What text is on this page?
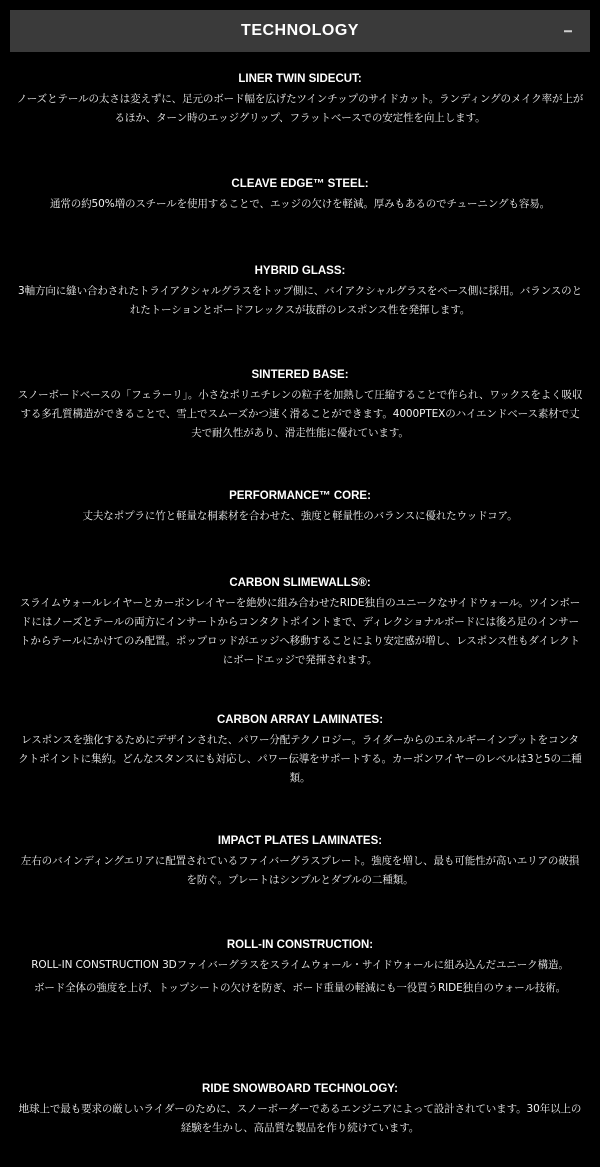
TECHNOLOGY
LINER TWIN SIDECUT:

ノーズとテールの太さは変えずに、足元のボード幅を広げたツインチップのサイドカット。ランディングのメイク率が上がるほか、ターン時のエッジグリップ、フラットベースでの安定性を向上します。

CLEAVE EDGE™ STEEL:

通常の約50%増のスチールを使用することで、エッジの欠けを軽減。厚みもあるのでチューニングも容易。

HYBRID GLASS:

3軸方向に縫い合わされたトライアクシャルグラスをトップ側に、バイアクシャルグラスをベース側に採用。バランスのとれたトーションとボードフレックスが抜群のレスポンス性を発揮します。

SINTERED BASE:

スノーボードベースの「フェラーリ」。小さなポリエチレンの粒子を加熱して圧縮することで作られ、ワックスをよく吸収する多孔質構造ができることで、雪上でスムーズかつ速く滑ることができます。4000PTEXのハイエンドベース素材で丈夫で耐久性があり、滑走性能に優れています。

PERFORMANCE™ CORE:

丈夫なポプラに竹と軽量な桐素材を合わせた、強度と軽量性のバランスに優れたウッドコア。

CARBON SLIMEWALLS®:

スライムウォールレイヤーとカーボンレイヤーを絶妙に組み合わせたRIDE独自のユニークなサイドウォール。ツインボードにはノーズとテールの両方にインサートからコンタクトポイントまで、ディレクショナルボードには後ろ足のインサートからテールにかけてのみ配置。ポップロッドがエッジへ移動することにより安定感が増し、レスポンス性もダイレクトにボードエッジで発揮されます。

CARBON ARRAY LAMINATES:

レスポンスを強化するためにデザインされた、パワー分配テクノロジー。ライダーからのエネルギーインプットをコンタクトポイントに集約。どんなスタンスにも対応し、パワー伝導をサポートする。カーボンワイヤーのレベルは3と5の二種類。

IMPACT PLATES LAMINATES:

左右のバインディングエリアに配置されているファイバーグラスプレート。強度を増し、最も可能性が高いエリアの破損を防ぐ。プレートはシンプルとダブルの二種類。

ROLL-IN CONSTRUCTION:

ROLL-IN CONSTRUCTION 3Dファイバーグラスをスライムウォール・サイドウォールに組み込んだユニーク構造。

ボード全体の強度を上げ、トップシートの欠けを防ぎ、ボード重量の軽減にも一役買うRIDE独自のウォール技術。

RIDE SNOWBOARD TECHNOLOGY:

地球上で最も要求の厳しいライダーのために、スノーボーダーであるエンジニアによって設計されています。30年以上の経験を生かし、高品質な製品を作り続けています。
